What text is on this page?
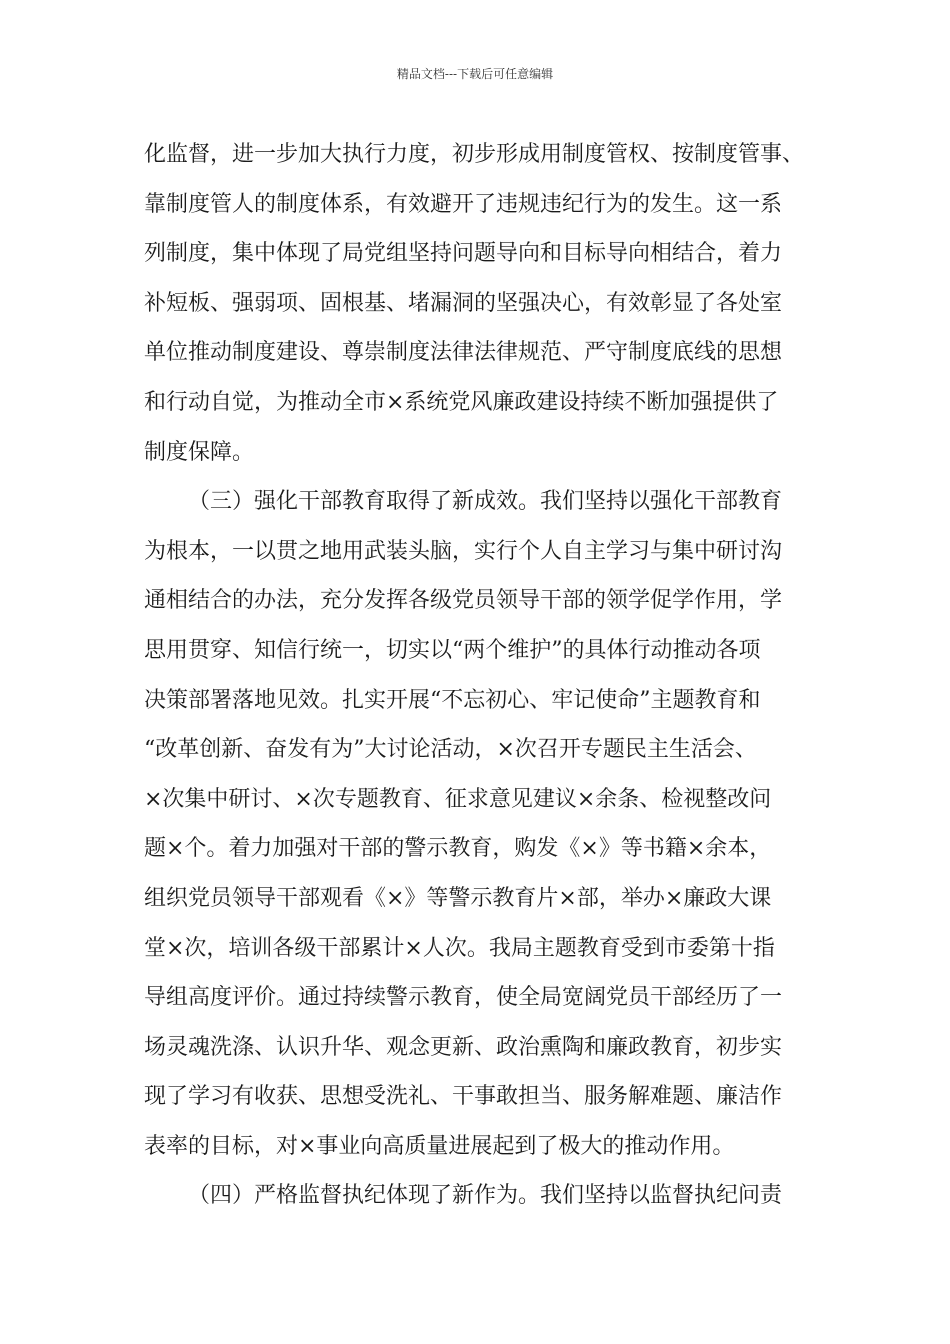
精品文档---下载后可任意编辑
化监督，进一步加大执行力度，初步形成用制度管权、按制度管事、
靠制度管人的制度体系，有效避开了违规违纪行为的发生。这一系
列制度，集中体现了局党组坚持问题导向和目标导向相结合，着力
补短板、强弱项、固根基、堵漏洞的坚强决心，有效彰显了各处室
单位推动制度建设、尊崇制度法律法律规范、严守制度底线的思想
和行动自觉，为推动全市×系统党风廉政建设持续不断加强提供了
制度保障。
（三）强化干部教育取得了新成效。我们坚持以强化干部教育
为根本，一以贯之地用武装头脑，实行个人自主学习与集中研讨沟
通相结合的办法，充分发挥各级党员领导干部的领学促学作用，学
思用贯穿、知信行统一，切实以“两个维护”的具体行动推动各项
决策部署落地见效。扎实开展“不忘初心、牢记使命”主题教育和
“改革创新、奋发有为”大讨论活动，×次召开专题民主生活会、
×次集中研讨、×次专题教育、征求意见建议×余条、检视整改问
题×个。着力加强对干部的警示教育，购发《×》等书籍×余本，
组织党员领导干部观看《×》等警示教育片×部，举办×廉政大课
堂×次，培训各级干部累计×人次。我局主题教育受到市委第十指
导组高度评价。通过持续警示教育，使全局宽阔党员干部经历了一
场灵魂洗涤、认识升华、观念更新、政治熏陶和廉政教育，初步实
现了学习有收获、思想受洗礼、干事敢担当、服务解难题、廉洁作
表率的目标，对×事业向高质量进展起到了极大的推动作用。
（四）严格监督执纪体现了新作为。我们坚持以监督执纪问责
